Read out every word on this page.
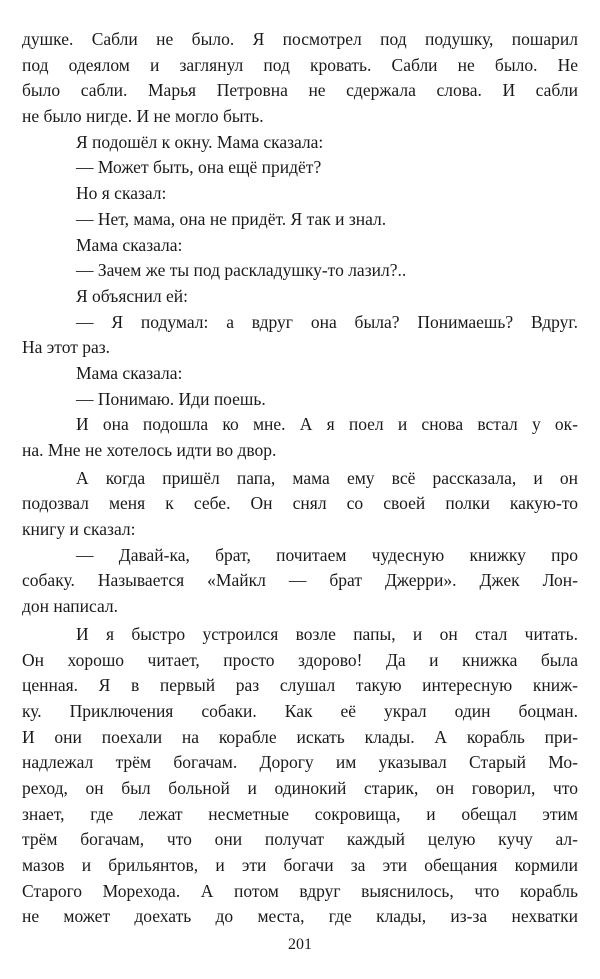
душке. Сабли не было. Я посмотрел под подушку, пошарил
под одеялом и заглянул под кровать. Сабли не было. Не
было сабли. Марья Петровна не сдержала слова. И сабли
не было нигде. И не могло быть.
Я подошёл к окну. Мама сказала:
— Может быть, она ещё придёт?
Но я сказал:
— Нет, мама, она не придёт. Я так и знал.
Мама сказала:
— Зачем же ты под раскладушку-то лазил?..
Я объяснил ей:
— Я подумал: а вдруг она была? Понимаешь? Вдруг.
На этот раз.
Мама сказала:
— Понимаю. Иди поешь.
И она подошла ко мне. А я поел и снова встал у ок-
на. Мне не хотелось идти во двор.
А когда пришёл папа, мама ему всё рассказала, и он
подозвал меня к себе. Он снял со своей полки какую-то
книгу и сказал:
— Давай-ка, брат, почитаем чудесную книжку про
собаку. Называется «Майкл — брат Джерри». Джек Лон-
дон написал.
И я быстро устроился возле папы, и он стал читать.
Он хорошо читает, просто здорово! Да и книжка была
ценная. Я в первый раз слушал такую интересную книж-
ку. Приключения собаки. Как её украл один боцман.
И они поехали на корабле искать клады. А корабль при-
надлежал трём богачам. Дорогу им указывал Старый Мо-
реход, он был больной и одинокий старик, он говорил, что
знает, где лежат несметные сокровища, и обещал этим
трём богачам, что они получат каждый целую кучу ал-
мазов и брильянтов, и эти богачи за эти обещания кормили
Старого Морехода. А потом вдруг выяснилось, что корабль
не может доехать до места, где клады, из-за нехватки
201
